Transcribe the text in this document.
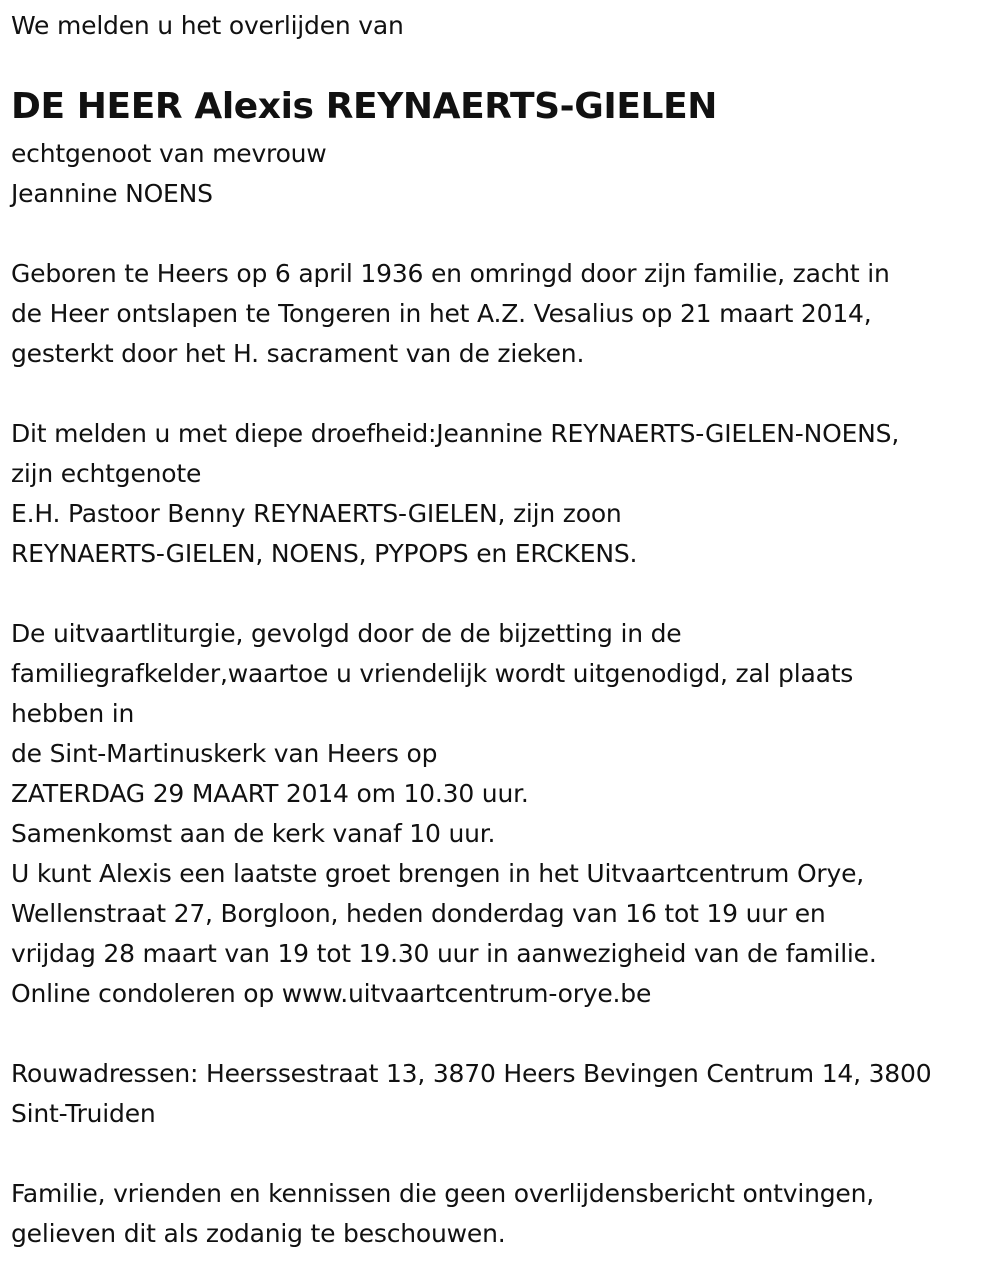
We melden u het overlijden van
DE HEER Alexis REYNAERTS-GIELEN
echtgenoot van mevrouw
Jeannine NOENS
Geboren te Heers op 6 april 1936 en omringd door zijn familie, zacht in
de Heer ontslapen te Tongeren in het A.Z. Vesalius op 21 maart 2014,
gesterkt door het H. sacrament van de zieken.
Dit melden u met diepe droefheid:Jeannine REYNAERTS-GIELEN-NOENS,
zijn echtgenote
E.H. Pastoor Benny REYNAERTS-GIELEN, zijn zoon
REYNAERTS-GIELEN, NOENS, PYPOPS en ERCKENS.
De uitvaartliturgie, gevolgd door de de bijzetting in de
familiegrafkelder,waartoe u vriendelijk wordt uitgenodigd, zal plaats
hebben in
de Sint-Martinuskerk van Heers op
ZATERDAG 29 MAART 2014 om 10.30 uur.
Samenkomst aan de kerk vanaf 10 uur.
U kunt Alexis een laatste groet brengen in het Uitvaartcentrum Orye,
Wellenstraat 27, Borgloon, heden donderdag van 16 tot 19 uur en
vrijdag 28 maart van 19 tot 19.30 uur in aanwezigheid van de familie.
Online condoleren op www.uitvaartcentrum-orye.be
Rouwadressen: Heerssestraat 13, 3870 Heers Bevingen Centrum 14, 3800
Sint-Truiden
Familie, vrienden en kennissen die geen overlijdensbericht ontvingen,
gelieven dit als zodanig te beschouwen.
